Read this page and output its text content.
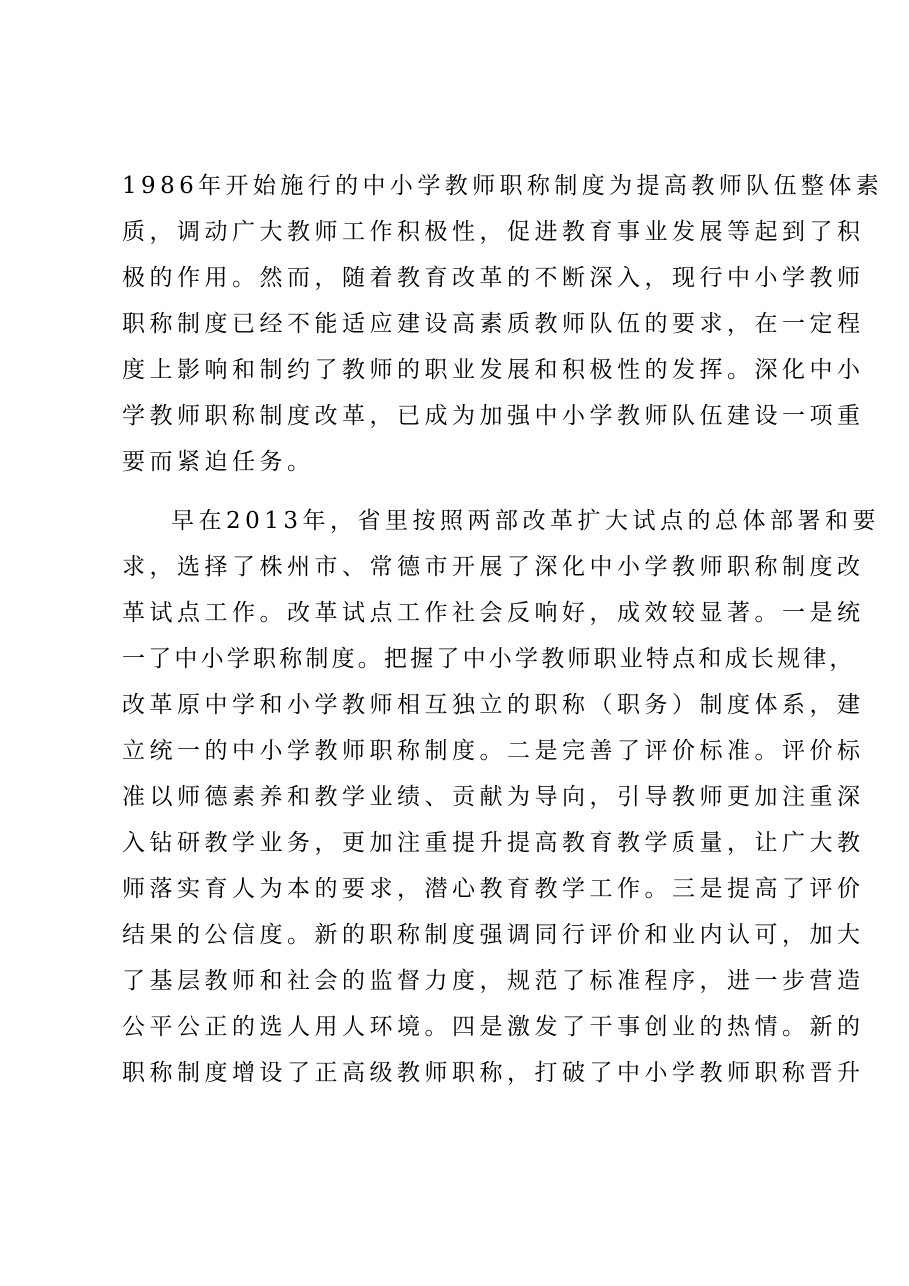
1986年开始施行的中小学教师职称制度为提高教师队伍整体素
质，调动广大教师工作积极性，促进教育事业发展等起到了积
极的作用。然而，随着教育改革的不断深入，现行中小学教师
职称制度已经不能适应建设高素质教师队伍的要求，在一定程
度上影响和制约了教师的职业发展和积极性的发挥。深化中小
学教师职称制度改革，已成为加强中小学教师队伍建设一项重
要而紧迫任务。
早在2013年，省里按照两部改革扩大试点的总体部署和要
求，选择了株州市、常德市开展了深化中小学教师职称制度改
革试点工作。改革试点工作社会反响好，成效较显著。一是统
一了中小学职称制度。把握了中小学教师职业特点和成长规律，
改革原中学和小学教师相互独立的职称（职务）制度体系，建
立统一的中小学教师职称制度。二是完善了评价标准。评价标
准以师德素养和教学业绩、贡献为导向，引导教师更加注重深
入钻研教学业务，更加注重提升提高教育教学质量，让广大教
师落实育人为本的要求，潜心教育教学工作。三是提高了评价
结果的公信度。新的职称制度强调同行评价和业内认可，加大
了基层教师和社会的监督力度，规范了标准程序，进一步营造
公平公正的选人用人环境。四是激发了干事创业的热情。新的
职称制度增设了正高级教师职称，打破了中小学教师职称晋升
